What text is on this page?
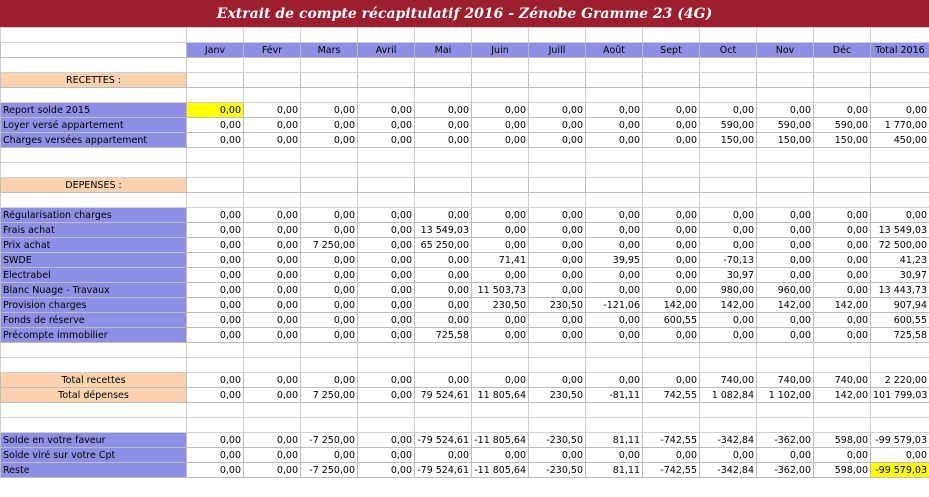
Extrait de compte récapitulatif 2016 - Zénobe Gramme 23 (4G)

	Janv	Févr	Mars	Avril	Mai	Juin	Juill	Août	Sept	Oct	Nov	Déc	Total 2016

RECETTES :													

Report solde 2015	0,00	0,00	0,00	0,00	0,00	0,00	0,00	0,00	0,00	0,00	0,00	0,00	0,00
Loyer versé appartement	0,00	0,00	0,00	0,00	0,00	0,00	0,00	0,00	0,00	590,00	590,00	590,00	1 770,00
Charges versées appartement	0,00	0,00	0,00	0,00	0,00	0,00	0,00	0,00	0,00	150,00	150,00	150,00	450,00

DEPENSES :													

Régularisation charges	0,00	0,00	0,00	0,00	0,00	0,00	0,00	0,00	0,00	0,00	0,00	0,00	0,00
Frais achat	0,00	0,00	0,00	0,00	13 549,03	0,00	0,00	0,00	0,00	0,00	0,00	0,00	13 549,03
Prix achat	0,00	0,00	7 250,00	0,00	65 250,00	0,00	0,00	0,00	0,00	0,00	0,00	0,00	72 500,00
SWDE	0,00	0,00	0,00	0,00	0,00	71,41	0,00	39,95	0,00	-70,13	0,00	0,00	41,23
Electrabel	0,00	0,00	0,00	0,00	0,00	0,00	0,00	0,00	0,00	30,97	0,00	0,00	30,97
Blanc Nuage - Travaux	0,00	0,00	0,00	0,00	0,00	11 503,73	0,00	0,00	0,00	980,00	960,00	0,00	13 443,73
Provision charges	0,00	0,00	0,00	0,00	0,00	230,50	230,50	-121,06	142,00	142,00	142,00	142,00	907,94
Fonds de réserve	0,00	0,00	0,00	0,00	0,00	0,00	0,00	0,00	600,55	0,00	0,00	0,00	600,55
Précompte immobilier	0,00	0,00	0,00	0,00	725,58	0,00	0,00	0,00	0,00	0,00	0,00	0,00	725,58

Total recettes	0,00	0,00	0,00	0,00	0,00	0,00	0,00	0,00	0,00	740,00	740,00	740,00	2 220,00
Total dépenses	0,00	0,00	7 250,00	0,00	79 524,61	11 805,64	230,50	-81,11	742,55	1 082,84	1 102,00	142,00	101 799,03

Solde en votre faveur	0,00	0,00	-7 250,00	0,00	-79 524,61	-11 805,64	-230,50	81,11	-742,55	-342,84	-362,00	598,00	-99 579,03
Solde viré sur votre Cpt	0,00	0,00	0,00	0,00	0,00	0,00	0,00	0,00	0,00	0,00	0,00	0,00	0,00
Reste	0,00	0,00	-7 250,00	0,00	-79 524,61	-11 805,64	-230,50	81,11	-742,55	-342,84	-362,00	598,00	-99 579,03
